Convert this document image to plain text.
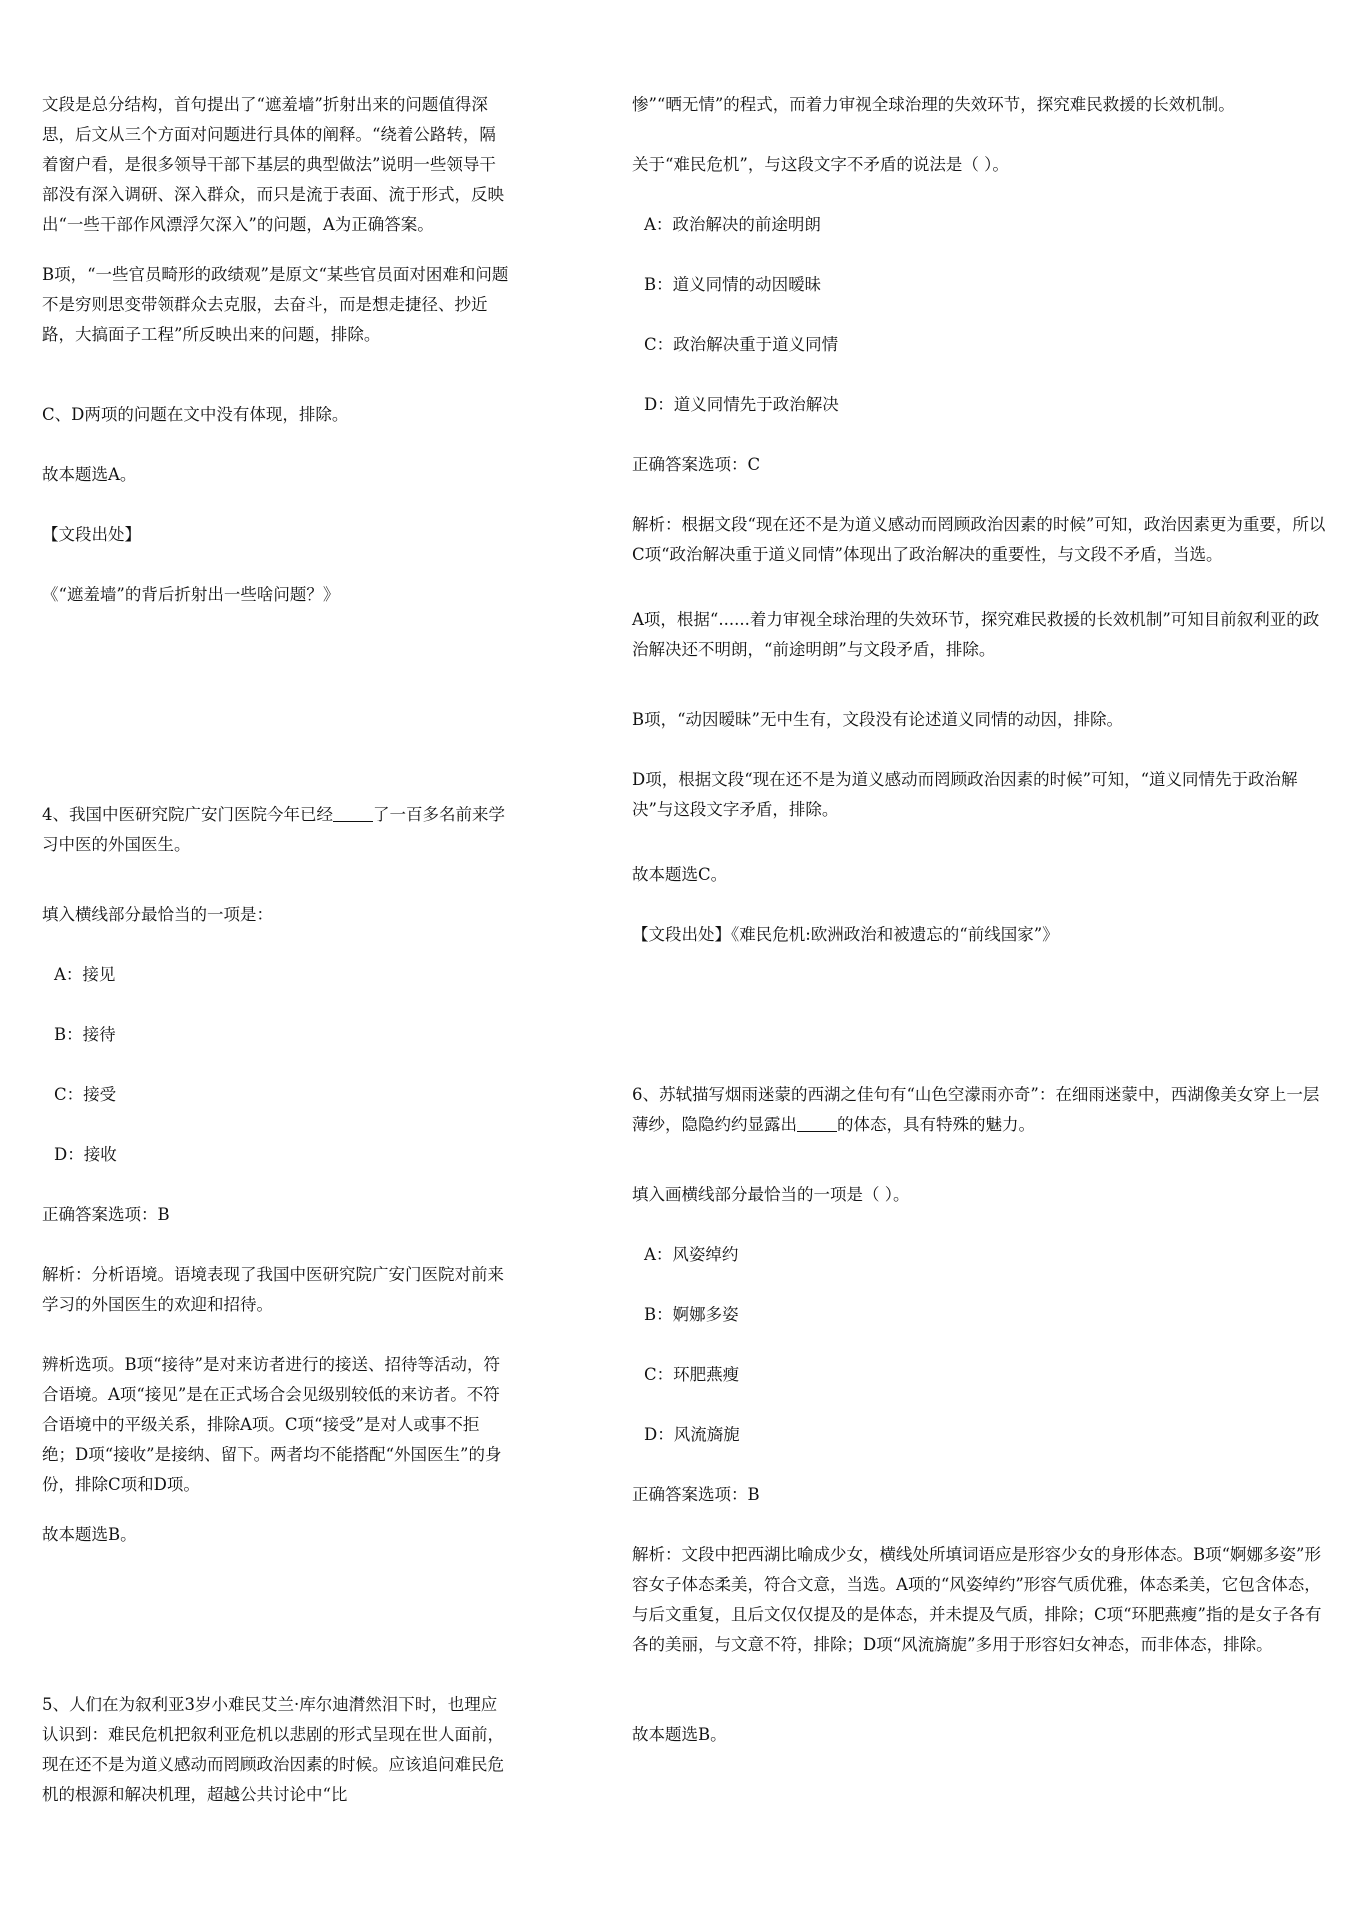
文段是总分结构，首句提出了“遮羞墙”折射出来的问题值得深思，后文从三个方面对问题进行具体的阐释。“绕着公路转，隔着窗户看，是很多领导干部下基层的典型做法”说明一些领导干部没有深入调研、深入群众，而只是流于表面、流于形式，反映出“一些干部作风漂浮欠深入”的问题，A为正确答案。

B项，“一些官员畸形的政绩观”是原文“某些官员面对困难和问题不是穷则思变带领群众去克服，去奋斗，而是想走捷径、抄近路，大搞面子工程”所反映出来的问题，排除。

C、D两项的问题在文中没有体现，排除。

故本题选A。

【文段出处】

《“遮羞墙”的背后折射出一些啥问题？》

4、我国中医研究院广安门医院今年已经 了一百多名前来学习中医的外国医生。

填入横线部分最恰当的一项是：

A：接见

B：接待

C：接受

D：接收

正确答案选项：B

解析：分析语境。语境表现了我国中医研究院广安门医院对前来学习的外国医生的欢迎和招待。

辨析选项。B项“接待”是对来访者进行的接送、招待等活动，符合语境。A项“接见”是在正式场合会见级别较低的来访者。不符合语境中的平级关系，排除A项。C项“接受”是对人或事不拒绝；D项“接收”是接纳、留下。两者均不能搭配“外国医生”的身份，排除C项和D项。

故本题选B。

5、人们在为叙利亚3岁小难民艾兰·库尔迪潸然泪下时，也理应认识到：难民危机把叙利亚危机以悲剧的形式呈现在世人面前，现在还不是为道义感动而罔顾政治因素的时候。应该追问难民危机的根源和解决机理，超越公共讨论中“比

惨”“晒无情”的程式，而着力审视全球治理的失效环节，探究难民救援的长效机制。

关于“难民危机”，与这段文字不矛盾的说法是（ ）。

A：政治解决的前途明朗

B：道义同情的动因暧昧

C：政治解决重于道义同情

D：道义同情先于政治解决

正确答案选项：C

解析：根据文段“现在还不是为道义感动而罔顾政治因素的时候”可知，政治因素更为重要，所以C项“政治解决重于道义同情”体现出了政治解决的重要性，与文段不矛盾，当选。

A项，根据“......着力审视全球治理的失效环节，探究难民救援的长效机制”可知目前叙利亚的政治解决还不明朗，“前途明朗”与文段矛盾，排除。

B项，“动因暧昧”无中生有，文段没有论述道义同情的动因，排除。

D项，根据文段“现在还不是为道义感动而罔顾政治因素的时候”可知，“道义同情先于政治解决”与这段文字矛盾，排除。

故本题选C。

【文段出处】《难民危机:欧洲政治和被遗忘的“前线国家”》

6、苏轼描写烟雨迷蒙的西湖之佳句有“山色空濛雨亦奇”：在细雨迷蒙中，西湖像美女穿上一层薄纱，隐隐约约显露出 的体态，具有特殊的魅力。

填入画横线部分最恰当的一项是（ ）。

A：风姿绰约

B：婀娜多姿

C：环肥燕瘦

D：风流旖旎

正确答案选项：B

解析：文段中把西湖比喻成少女，横线处所填词语应是形容少女的身形体态。B项“婀娜多姿”形容女子体态柔美，符合文意，当选。A项的“风姿绰约”形容气质优雅，体态柔美，它包含体态，与后文重复，且后文仅仅提及的是体态，并未提及气质，排除；C项“环肥燕瘦”指的是女子各有各的美丽，与文意不符，排除；D项“风流旖旎”多用于形容妇女神态，而非体态，排除。

故本题选B。
